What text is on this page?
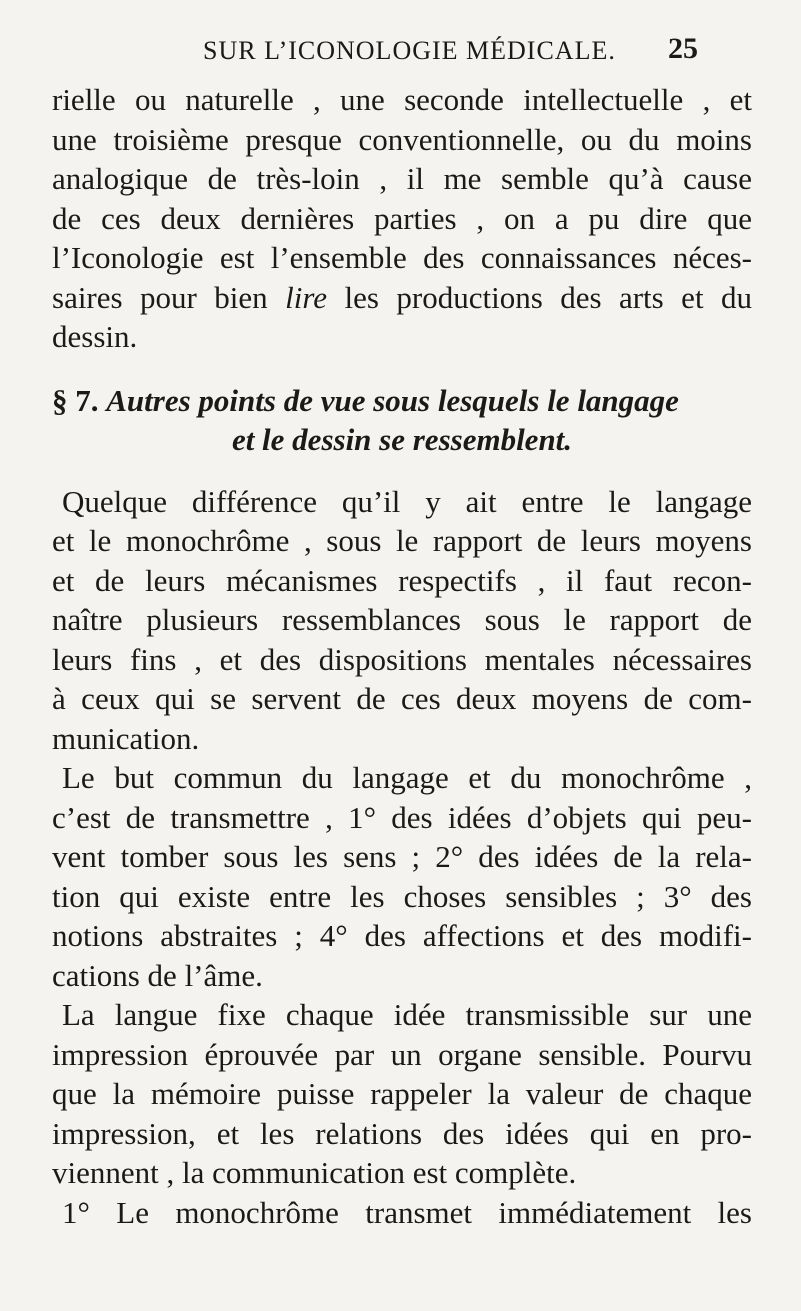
SUR L’ICONOLOGIE MÉDICALE. 25
rielle ou naturelle , une seconde intellectuelle , et
une troisième presque conventionnelle, ou du moins
analogique de très-loin , il me semble qu’à cause
de ces deux dernières parties , on a pu dire que
l’Iconologie est l’ensemble des connaissances néces-
saires pour bien lire les productions des arts et du
dessin.
§ 7. Autres points de vue sous lesquels le langage
et le dessin se ressemblent.
Quelque différence qu’il y ait entre le langage
et le monochrôme , sous le rapport de leurs moyens
et de leurs mécanismes respectifs , il faut recon-
naître plusieurs ressemblances sous le rapport de
leurs fins , et des dispositions mentales nécessaires
à ceux qui se servent de ces deux moyens de com-
munication.
Le but commun du langage et du monochrôme ,
c’est de transmettre , 1° des idées d’objets qui peu-
vent tomber sous les sens ; 2° des idées de la rela-
tion qui existe entre les choses sensibles ; 3° des
notions abstraites ; 4° des affections et des modifi-
cations de l’âme.
La langue fixe chaque idée transmissible sur une
impression éprouvée par un organe sensible. Pourvu
que la mémoire puisse rappeler la valeur de chaque
impression, et les relations des idées qui en pro-
viennent , la communication est complète.
1° Le monochrôme transmet immédiatement les
